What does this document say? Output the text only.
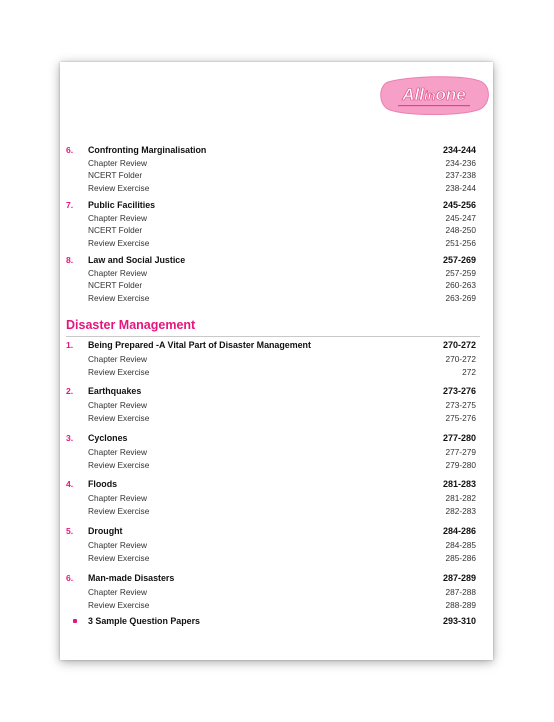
Allinone
6. Confronting Marginalisation	234-244
Chapter Review	234-236
NCERT Folder	237-238
Review Exercise	238-244
7. Public Facilities	245-256
Chapter Review	245-247
NCERT Folder	248-250
Review Exercise	251-256
8. Law and Social Justice	257-269
Chapter Review	257-259
NCERT Folder	260-263
Review Exercise	263-269
Disaster Management
1. Being Prepared -A Vital Part of Disaster Management	270-272
Chapter Review	270-272
Review Exercise	272
2. Earthquakes	273-276
Chapter Review	273-275
Review Exercise	275-276
3. Cyclones	277-280
Chapter Review	277-279
Review Exercise	279-280
4. Floods	281-283
Chapter Review	281-282
Review Exercise	282-283
5. Drought	284-286
Chapter Review	284-285
Review Exercise	285-286
6. Man-made Disasters	287-289
Chapter Review	287-288
Review Exercise	288-289
3 Sample Question Papers	293-310
